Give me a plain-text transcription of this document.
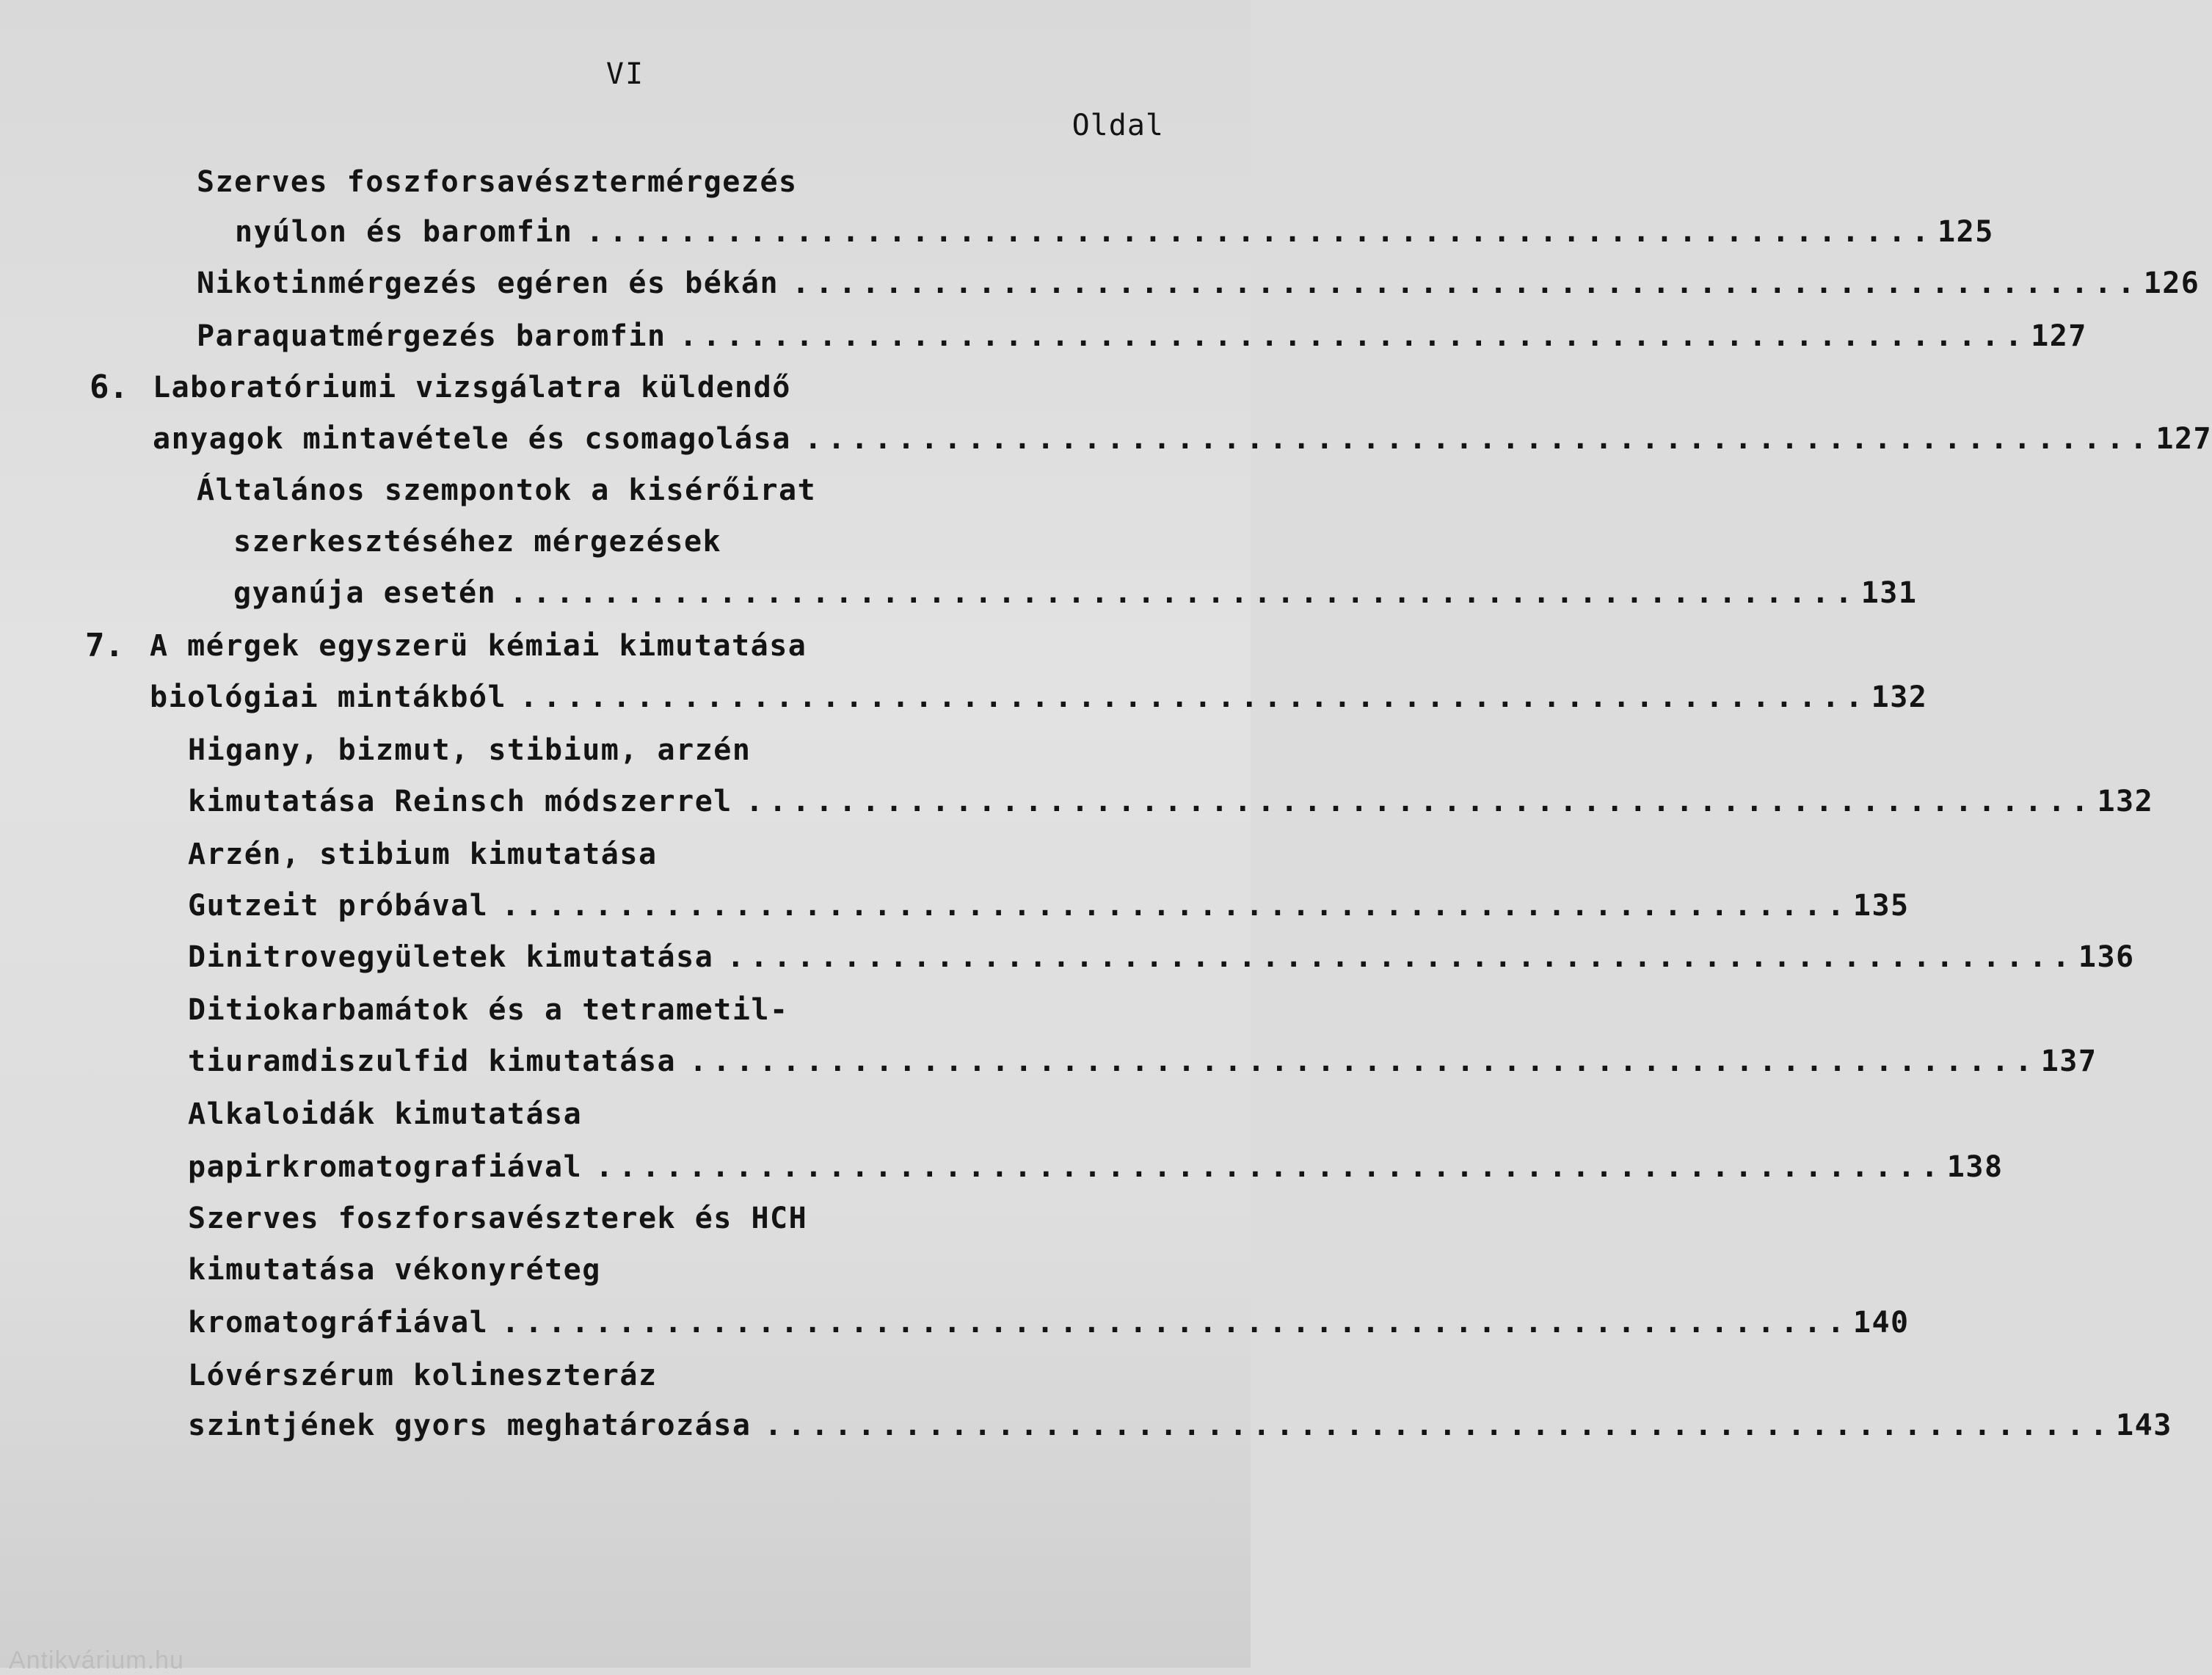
VI
Oldal
Szerves foszforsavésztermérgezés
nyúlon és baromfin .......................................................... 125
Nikotinmérgezés egéren és békán .......................................................... 126
Paraquatmérgezés baromfin .......................................................... 127
6. Laboratóriumi vizsgálatra küldendő
anyagok mintavétele és csomagolása .......................................................... 127
Általános szempontok a kisérőirat
szerkesztéséhez mérgezések
gyanúja esetén .......................................................... 131
7. A mérgek egyszerü kémiai kimutatása
biológiai mintákból .......................................................... 132
Higany, bizmut, stibium, arzén
kimutatása Reinsch módszerrel .......................................................... 132
Arzén, stibium kimutatása
Gutzeit próbával .......................................................... 135
Dinitrovegyületek kimutatása .......................................................... 136
Ditiokarbamátok és a tetrametil-
tiuramdiszulfid kimutatása .......................................................... 137
Alkaloidák kimutatása
papirkromatografiával .......................................................... 138
Szerves foszforsavészterek és HCH
kimutatása vékonyréteg
kromatográfiával .......................................................... 140
Lóvérszérum kolineszteráz
szintjének gyors meghatározása .......................................................... 143
Antikvárium.hu
